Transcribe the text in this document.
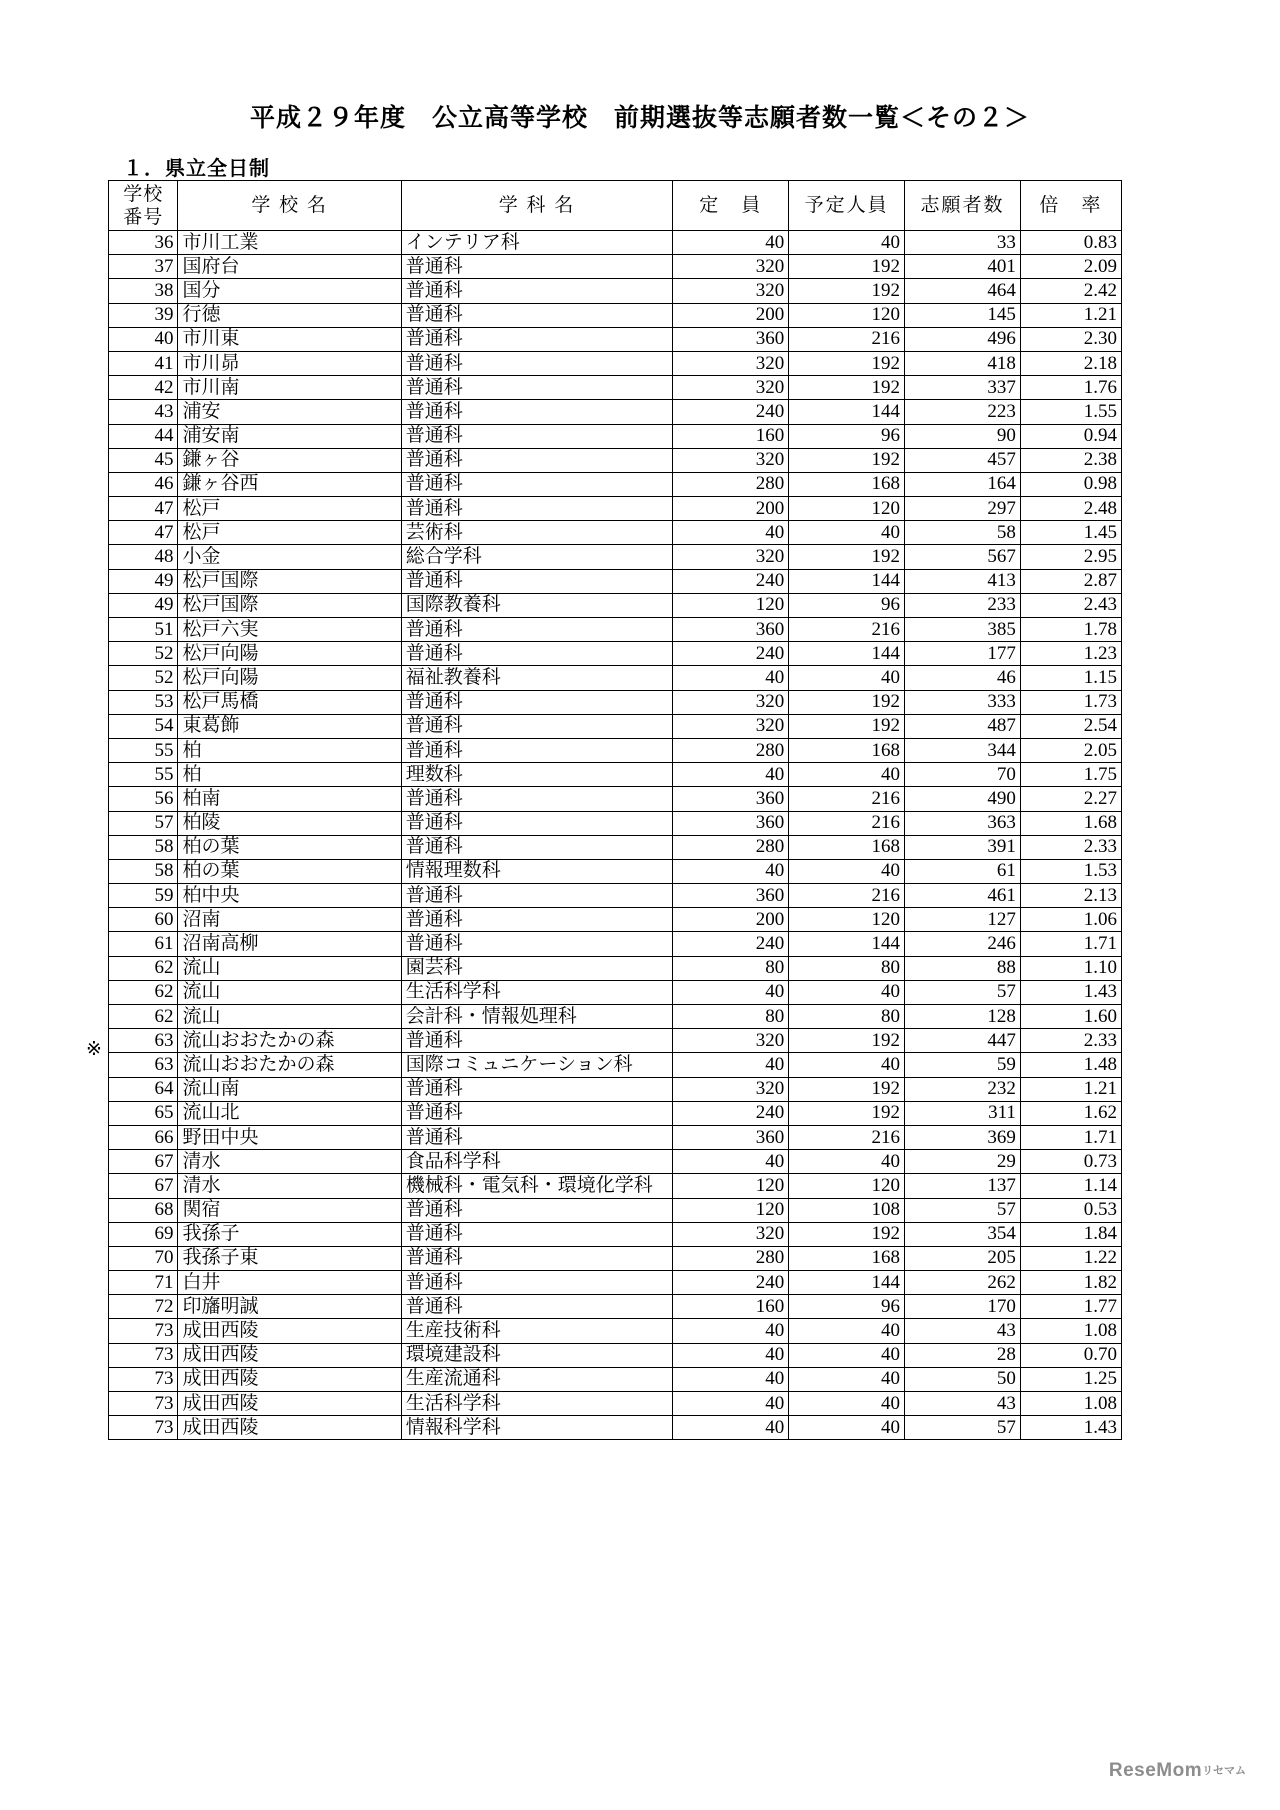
平成２９年度　公立高等学校　前期選抜等志願者数一覧＜その２＞
１．県立全日制
※
学校
番号	学 校 名	学 科 名	定　員	予定人員	志願者数	倍　率
36	市川工業	インテリア科	40	40	33	0.83
37	国府台	普通科	320	192	401	2.09
38	国分	普通科	320	192	464	2.42
39	行徳	普通科	200	120	145	1.21
40	市川東	普通科	360	216	496	2.30
41	市川昴	普通科	320	192	418	2.18
42	市川南	普通科	320	192	337	1.76
43	浦安	普通科	240	144	223	1.55
44	浦安南	普通科	160	96	90	0.94
45	鎌ヶ谷	普通科	320	192	457	2.38
46	鎌ヶ谷西	普通科	280	168	164	0.98
47	松戸	普通科	200	120	297	2.48
47	松戸	芸術科	40	40	58	1.45
48	小金	総合学科	320	192	567	2.95
49	松戸国際	普通科	240	144	413	2.87
49	松戸国際	国際教養科	120	96	233	2.43
51	松戸六実	普通科	360	216	385	1.78
52	松戸向陽	普通科	240	144	177	1.23
52	松戸向陽	福祉教養科	40	40	46	1.15
53	松戸馬橋	普通科	320	192	333	1.73
54	東葛飾	普通科	320	192	487	2.54
55	柏	普通科	280	168	344	2.05
55	柏	理数科	40	40	70	1.75
56	柏南	普通科	360	216	490	2.27
57	柏陵	普通科	360	216	363	1.68
58	柏の葉	普通科	280	168	391	2.33
58	柏の葉	情報理数科	40	40	61	1.53
59	柏中央	普通科	360	216	461	2.13
60	沼南	普通科	200	120	127	1.06
61	沼南高柳	普通科	240	144	246	1.71
62	流山	園芸科	80	80	88	1.10
62	流山	生活科学科	40	40	57	1.43
62	流山	会計科・情報処理科	80	80	128	1.60
63	流山おおたかの森	普通科	320	192	447	2.33
63	流山おおたかの森	国際コミュニケーション科	40	40	59	1.48
64	流山南	普通科	320	192	232	1.21
65	流山北	普通科	240	192	311	1.62
66	野田中央	普通科	360	216	369	1.71
67	清水	食品科学科	40	40	29	0.73
67	清水	機械科・電気科・環境化学科	120	120	137	1.14
68	関宿	普通科	120	108	57	0.53
69	我孫子	普通科	320	192	354	1.84
70	我孫子東	普通科	280	168	205	1.22
71	白井	普通科	240	144	262	1.82
72	印旛明誠	普通科	160	96	170	1.77
73	成田西陵	生産技術科	40	40	43	1.08
73	成田西陵	環境建設科	40	40	28	0.70
73	成田西陵	生産流通科	40	40	50	1.25
73	成田西陵	生活科学科	40	40	43	1.08
73	成田西陵	情報科学科	40	40	57	1.43
ReseMomリセマム
